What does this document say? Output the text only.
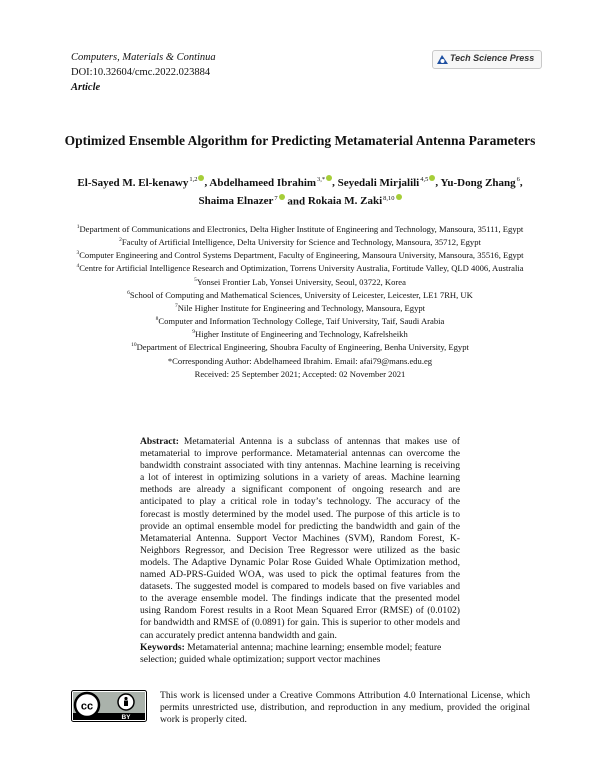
Computers, Materials & Continua
DOI:10.32604/cmc.2022.023884
Article
Tech Science Press
Optimized Ensemble Algorithm for Predicting Metamaterial Antenna Parameters
El-Sayed M. El-kenawy$^{1,2}$ , Abdelhameed Ibrahim$^{3,*}$ , Seyedali Mirjalili$^{4,5}$ , Yu-Dong Zhang$^6$,
Shaima Elnazer$^7$ and Rokaia M. Zaki$^{8,10}$

$^1$Department of Communications and Electronics, Delta Higher Institute of Engineering and Technology, Mansoura, 35111, Egypt

$^2$Faculty of Artificial Intelligence, Delta University for Science and Technology, Mansoura, 35712, Egypt

$^3$Computer Engineering and Control Systems Department, Faculty of Engineering, Mansoura University, Mansoura, 35516, Egypt

$^4$Centre for Artificial Intelligence Research and Optimization, Torrens University Australia, Fortitude Valley, QLD 4006, Australia

$^5$Yonsei Frontier Lab, Yonsei University, Seoul, 03722, Korea

$^6$School of Computing and Mathematical Sciences, University of Leicester, Leicester, LE1 7RH, UK

$^7$Nile Higher Institute for Engineering and Technology, Mansoura, Egypt

$^8$Computer and Information Technology College, Taif University, Taif, Saudi Arabia

$^9$Higher Institute of Engineering and Technology, Kafrelsheikh

$^{10}$Department of Electrical Engineering, Shoubra Faculty of Engineering, Benha University, Egypt

*Corresponding Author: Abdelhameed Ibrahim. Email: afai79@mans.edu.eg

Received: 25 September 2021; Accepted: 02 November 2021

Abstract: Metamaterial Antenna is a subclass of antennas that makes use of metamaterial to improve performance. Metamaterial antennas can overcome the bandwidth constraint associated with tiny antennas. Machine learning is receiving a lot of interest in optimizing solutions in a variety of areas. Machine learning methods are already a significant component of ongoing research and are anticipated to play a critical role in today’s technology. The accuracy of the forecast is mostly determined by the model used. The purpose of this article is to provide an optimal ensemble model for predicting the bandwidth and gain of the Metamaterial Antenna. Support Vector Machines (SVM), Random Forest, K-Neighbors Regressor, and Decision Tree Regressor were utilized as the basic models. The Adaptive Dynamic Polar Rose Guided Whale Optimization method, named AD-PRS-Guided WOA, was used to pick the optimal features from the datasets. The suggested model is compared to models based on five variables and to the average ensemble model. The findings indicate that the presented model using Random Forest results in a Root Mean Squared Error (RMSE) of (0.0102) for bandwidth and RMSE of (0.0891) for gain. This is superior to other models and can accurately predict antenna bandwidth and gain.
Keywords: Metamaterial antenna; machine learning; ensemble model; feature selection; guided whale optimization; support vector machines
cc
BY
This work is licensed under a Creative Commons Attribution 4.0 International License, which permits unrestricted use, distribution, and reproduction in any medium, provided the original work is properly cited.
